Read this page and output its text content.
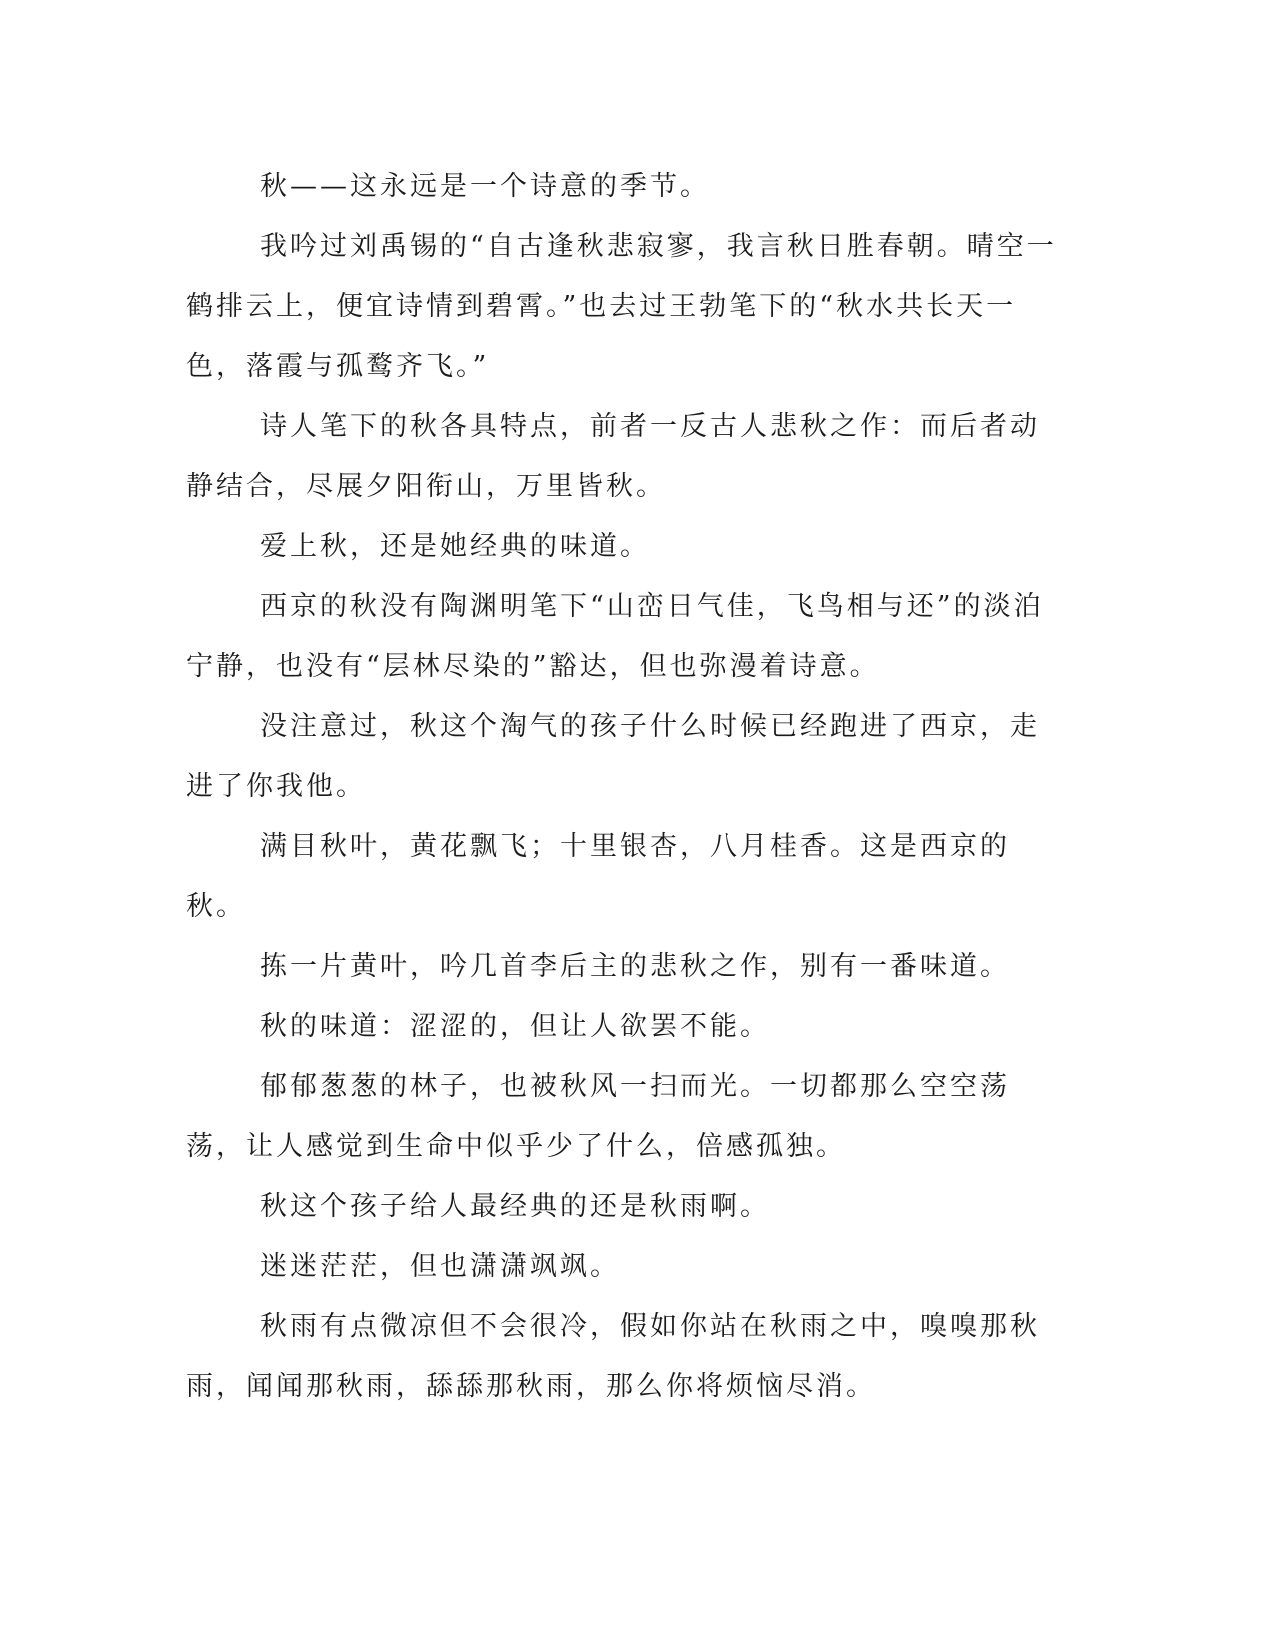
秋——这永远是一个诗意的季节。

我吟过刘禹锡的“自古逢秋悲寂寥，我言秋日胜春朝。晴空一鹤排云上，便宜诗情到碧霄。”也去过王勃笔下的“秋水共长天一色，落霞与孤鹜齐飞。”

诗人笔下的秋各具特点，前者一反古人悲秋之作：而后者动静结合，尽展夕阳衔山，万里皆秋。

爱上秋，还是她经典的味道。

西京的秋没有陶渊明笔下“山峦日气佳，飞鸟相与还”的淡泊宁静，也没有“层林尽染的”豁达，但也弥漫着诗意。

没注意过，秋这个淘气的孩子什么时候已经跑进了西京，走进了你我他。

满目秋叶，黄花飘飞；十里银杏，八月桂香。这是西京的秋。

拣一片黄叶，吟几首李后主的悲秋之作，别有一番味道。

秋的味道：涩涩的，但让人欲罢不能。

郁郁葱葱的林子，也被秋风一扫而光。一切都那么空空荡荡，让人感觉到生命中似乎少了什么，倍感孤独。

秋这个孩子给人最经典的还是秋雨啊。

迷迷茫茫，但也潇潇飒飒。

秋雨有点微凉但不会很冷，假如你站在秋雨之中，嗅嗅那秋雨，闻闻那秋雨，舔舔那秋雨，那么你将烦恼尽消。
